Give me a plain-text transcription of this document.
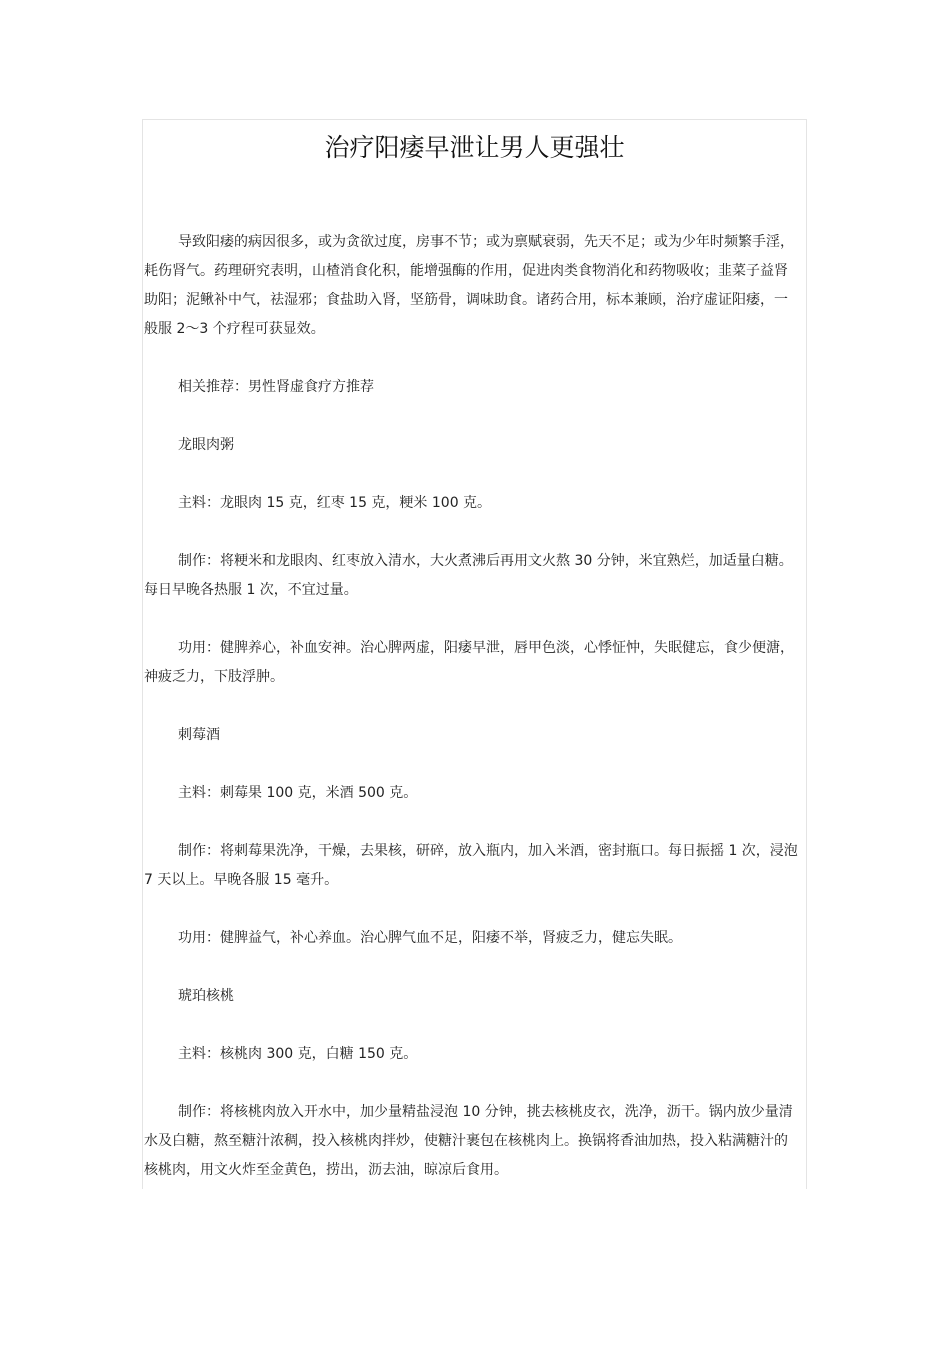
治疗阳痿早泄让男人更强壮

导致阳痿的病因很多，或为贪欲过度，房事不节；或为禀赋衰弱，先天不足；或为少年时频繁手淫，耗伤肾气。药理研究表明，山楂消食化积，能增强酶的作用，促进肉类食物消化和药物吸收；韭菜子益肾助阳；泥鳅补中气，祛湿邪；食盐助入肾，坚筋骨，调味助食。诸药合用，标本兼顾，治疗虚证阳痿，一般服 2～3 个疗程可获显效。

相关推荐：男性肾虚食疗方推荐

龙眼肉粥

主料：龙眼肉 15 克，红枣 15 克，粳米 100 克。

制作：将粳米和龙眼肉、红枣放入清水，大火煮沸后再用文火熬 30 分钟，米宜熟烂，加适量白糖。每日早晚各热服 1 次，不宜过量。

功用：健脾养心，补血安神。治心脾两虚，阳痿早泄，唇甲色淡，心悸怔忡，失眠健忘，食少便溏，神疲乏力，下肢浮肿。

刺莓酒

主料：刺莓果 100 克，米酒 500 克。

制作：将刺莓果洗净，干燥，去果核，研碎，放入瓶内，加入米酒，密封瓶口。每日振摇 1 次，浸泡 7 天以上。早晚各服 15 毫升。

功用：健脾益气，补心养血。治心脾气血不足，阳痿不举，肾疲乏力，健忘失眠。

琥珀核桃

主料：核桃肉 300 克，白糖 150 克。

制作：将核桃肉放入开水中，加少量精盐浸泡 10 分钟，挑去核桃皮衣，洗净，沥干。锅内放少量清水及白糖，熬至糖汁浓稠，投入核桃肉拌炒，使糖汁裹包在核桃肉上。换锅将香油加热，投入粘满糖汁的核桃肉，用文火炸至金黄色，捞出，沥去油，晾凉后食用。
